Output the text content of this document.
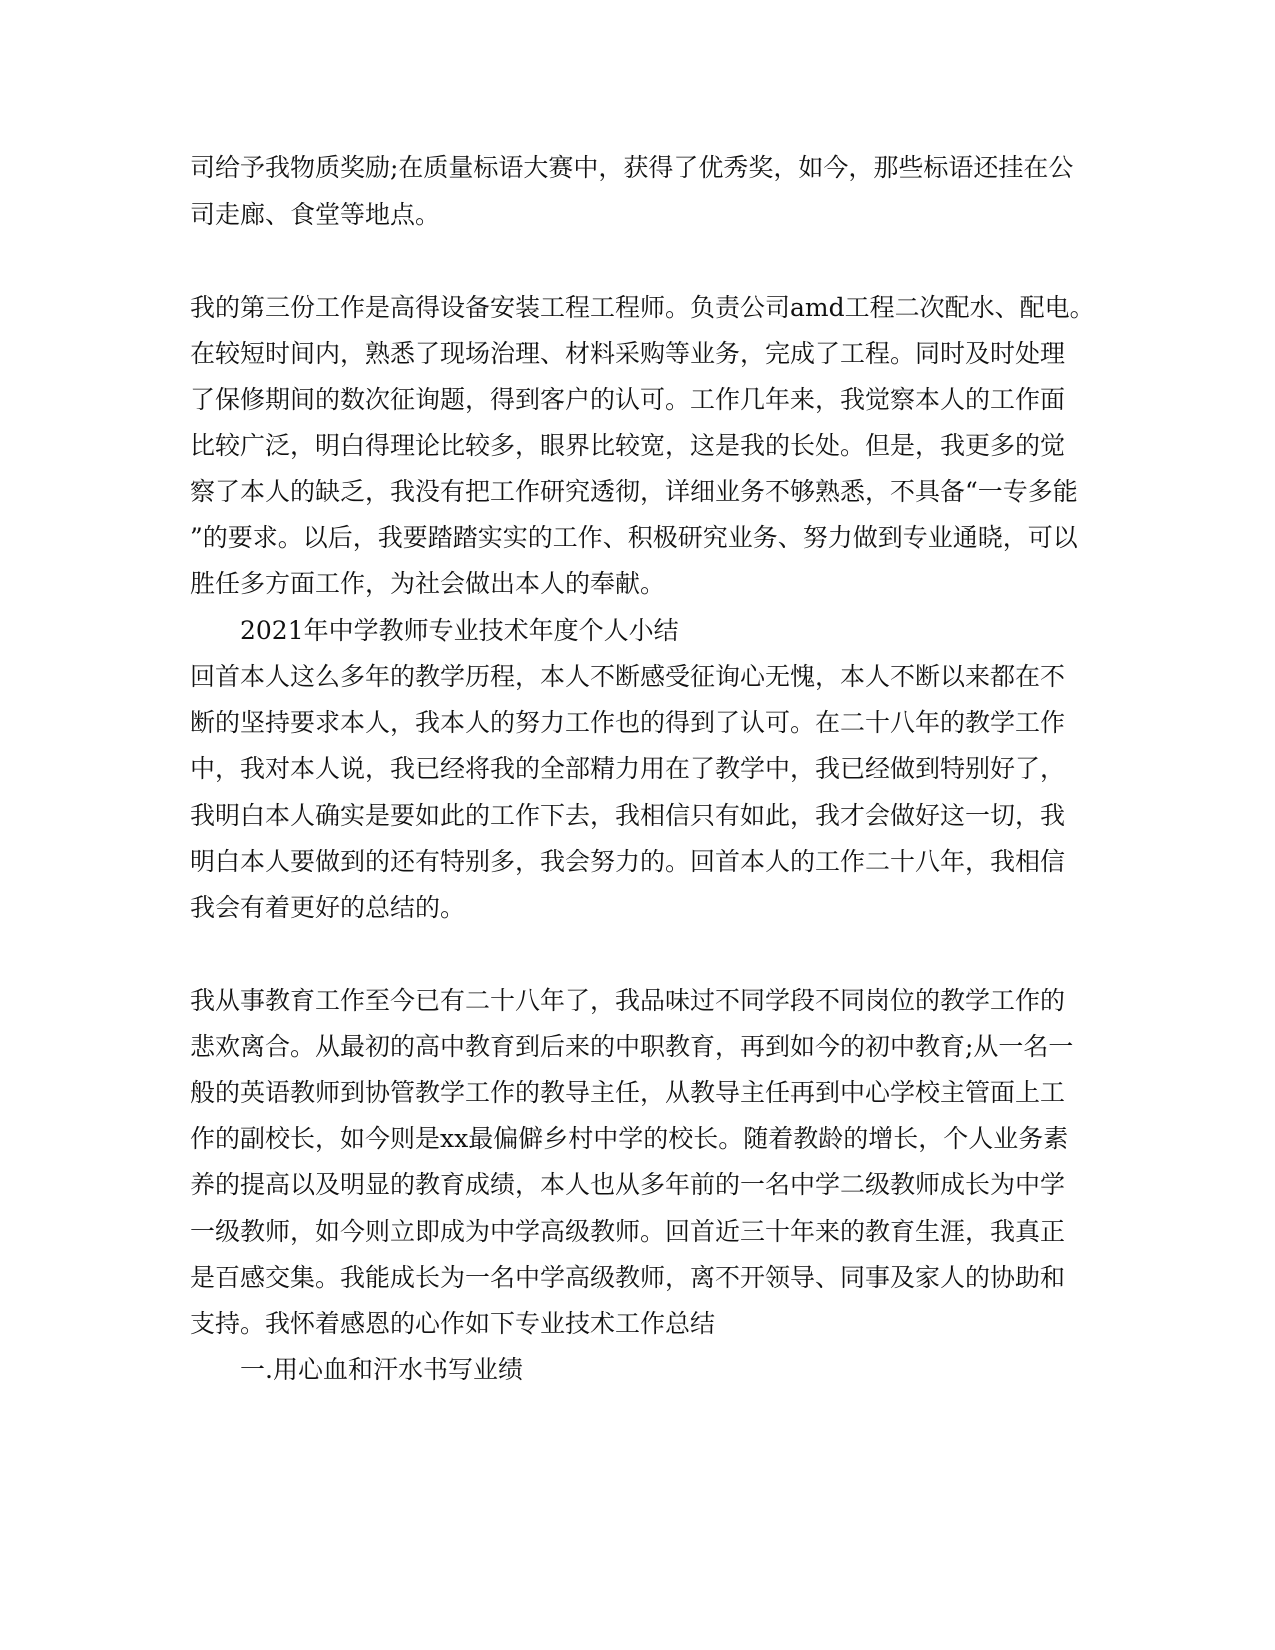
司给予我物质奖励;在质量标语大赛中，获得了优秀奖，如今，那些标语还挂在公

司走廊、食堂等地点。

我的第三份工作是高得设备安装工程工程师。负责公司amd工程二次配水、配电。

在较短时间内，熟悉了现场治理、材料采购等业务，完成了工程。同时及时处理

了保修期间的数次征询题，得到客户的认可。工作几年来，我觉察本人的工作面

比较广泛，明白得理论比较多，眼界比较宽，这是我的长处。但是，我更多的觉

察了本人的缺乏，我没有把工作研究透彻，详细业务不够熟悉，不具备“一专多能

”的要求。以后，我要踏踏实实的工作、积极研究业务、努力做到专业通晓，可以

胜任多方面工作，为社会做出本人的奉献。

2021年中学教师专业技术年度个人小结

回首本人这么多年的教学历程，本人不断感受征询心无愧，本人不断以来都在不

断的坚持要求本人，我本人的努力工作也的得到了认可。在二十八年的教学工作

中，我对本人说，我已经将我的全部精力用在了教学中，我已经做到特别好了，

我明白本人确实是要如此的工作下去，我相信只有如此，我才会做好这一切，我

明白本人要做到的还有特别多，我会努力的。回首本人的工作二十八年，我相信

我会有着更好的总结的。

我从事教育工作至今已有二十八年了，我品味过不同学段不同岗位的教学工作的

悲欢离合。从最初的高中教育到后来的中职教育，再到如今的初中教育;从一名一

般的英语教师到协管教学工作的教导主任，从教导主任再到中心学校主管面上工

作的副校长，如今则是xx最偏僻乡村中学的校长。随着教龄的增长，个人业务素

养的提高以及明显的教育成绩，本人也从多年前的一名中学二级教师成长为中学

一级教师，如今则立即成为中学高级教师。回首近三十年来的教育生涯，我真正

是百感交集。我能成长为一名中学高级教师，离不开领导、同事及家人的协助和

支持。我怀着感恩的心作如下专业技术工作总结

一.用心血和汗水书写业绩
